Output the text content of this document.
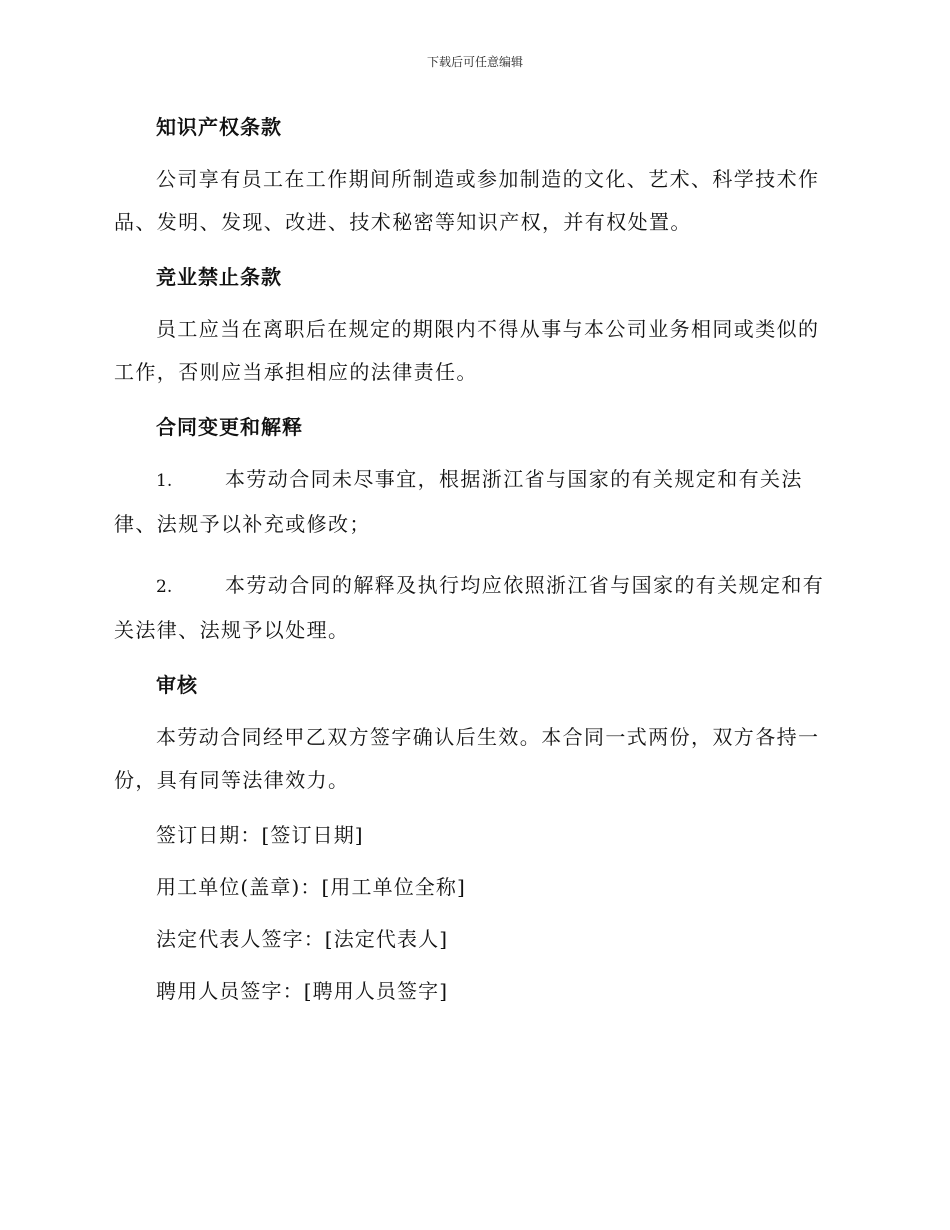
下载后可任意编辑
知识产权条款

公司享有员工在工作期间所制造或参加制造的文化、艺术、科学技术作品、发明、发现、改进、技术秘密等知识产权，并有权处置。

竞业禁止条款

员工应当在离职后在规定的期限内不得从事与本公司业务相同或类似的工作，否则应当承担相应的法律责任。

合同变更和解释
1.	本劳动合同未尽事宜，根据浙江省与国家的有关规定和有关法
律、法规予以补充或修改；
2.	本劳动合同的解释及执行均应依照浙江省与国家的有关规定和有
关法律、法规予以处理。
审核

本劳动合同经甲乙双方签字确认后生效。本合同一式两份，双方各持一份，具有同等法律效力。

签订日期：[签订日期]

用工单位(盖章)：[用工单位全称]

法定代表人签字：[法定代表人]

聘用人员签字：[聘用人员签字]
